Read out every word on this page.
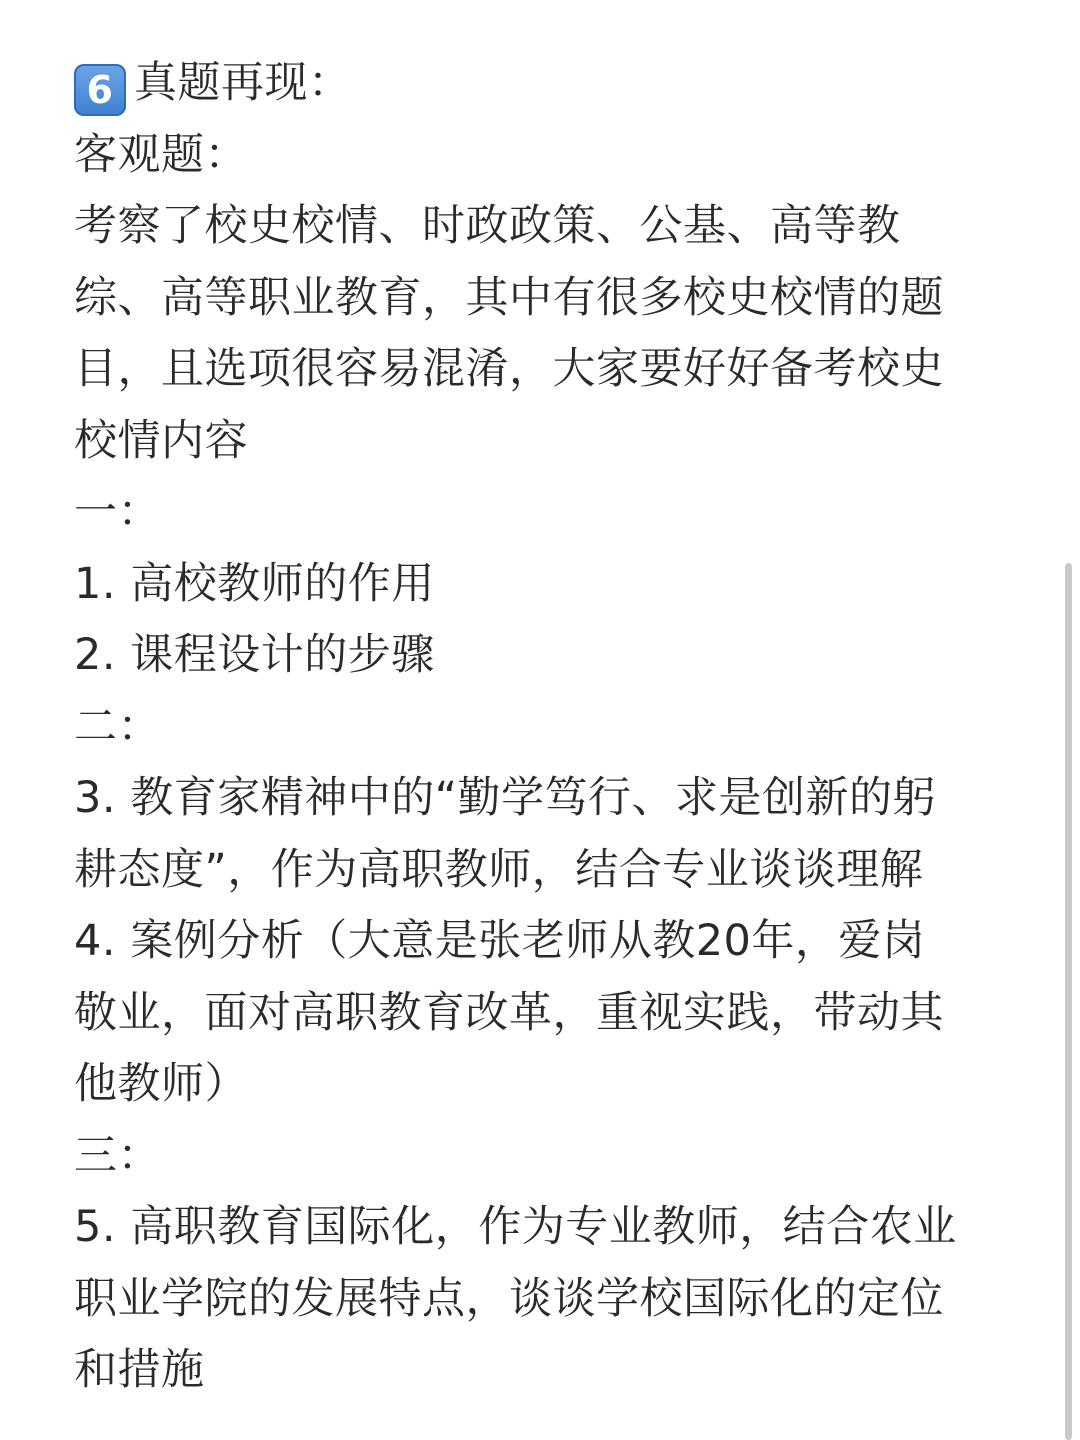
6 真题再现：
客观题：
考察了校史校情、时政政策、公基、高等教
综、高等职业教育，其中有很多校史校情的题
目，且选项很容易混淆，大家要好好备考校史
校情内容
一：
1. 高校教师的作用
2. 课程设计的步骤
二：
3. 教育家精神中的“勤学笃行、求是创新的躬
耕态度”，作为高职教师，结合专业谈谈理解
4. 案例分析（大意是张老师从教20年，爱岗
敬业，面对高职教育改革，重视实践，带动其
他教师）
三：
5. 高职教育国际化，作为专业教师，结合农业
职业学院的发展特点，谈谈学校国际化的定位
和措施
